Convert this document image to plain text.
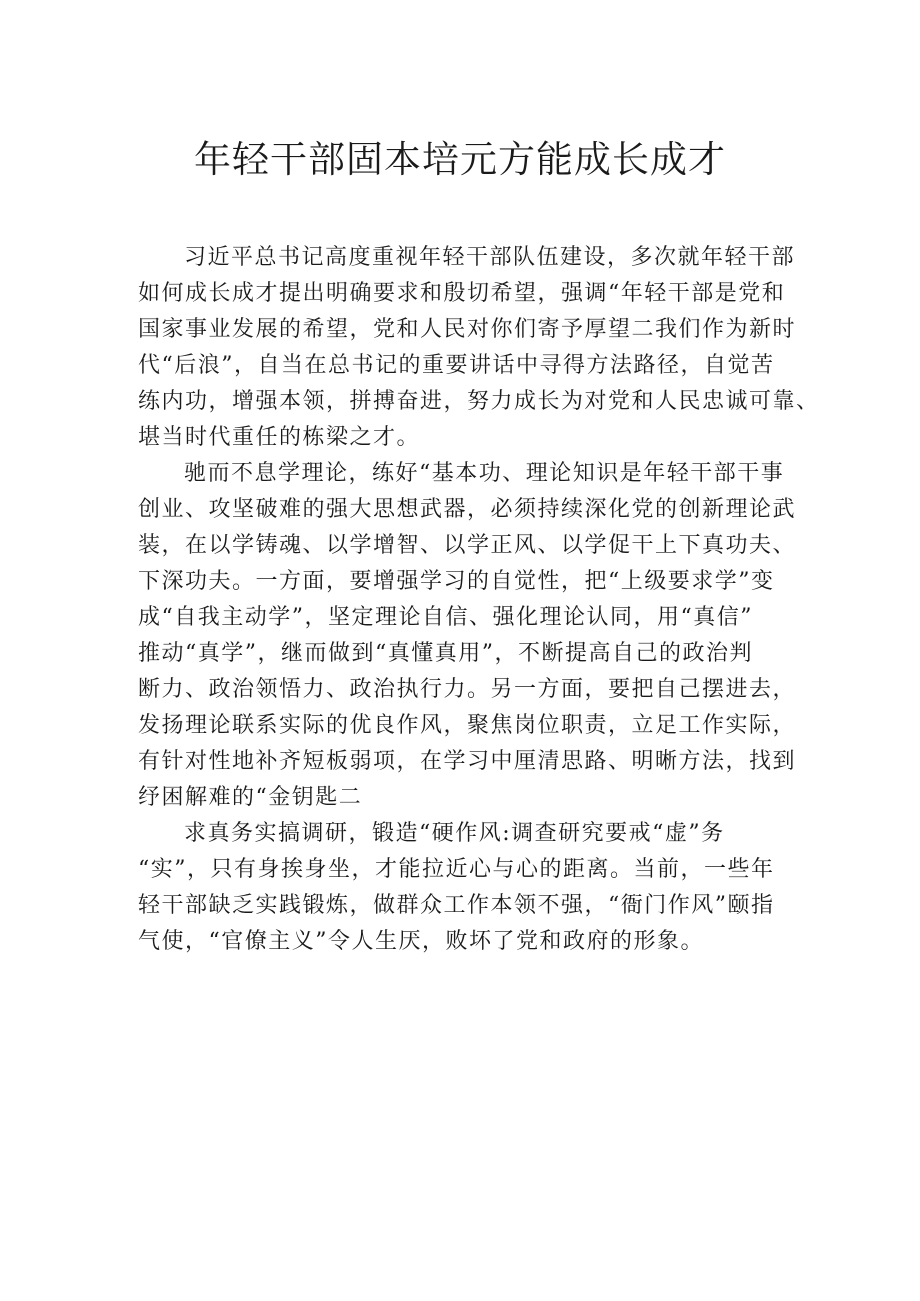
年轻干部固本培元方能成长成才

习近平总书记高度重视年轻干部队伍建设，多次就年轻干部
如何成长成才提出明确要求和殷切希望，强调“年轻干部是党和
国家事业发展的希望，党和人民对你们寄予厚望二我们作为新时
代“后浪”，自当在总书记的重要讲话中寻得方法路径，自觉苦
练内功，增强本领，拼搏奋进，努力成长为对党和人民忠诚可靠、
堪当时代重任的栋梁之才。

驰而不息学理论，练好“基本功、理论知识是年轻干部干事
创业、攻坚破难的强大思想武器，必须持续深化党的创新理论武
装，在以学铸魂、以学增智、以学正风、以学促干上下真功夫、
下深功夫。一方面，要增强学习的自觉性，把“上级要求学”变
成“自我主动学”，坚定理论自信、强化理论认同，用“真信”
推动“真学”，继而做到“真懂真用”，不断提高自己的政治判
断力、政治领悟力、政治执行力。另一方面，要把自己摆进去，
发扬理论联系实际的优良作风，聚焦岗位职责，立足工作实际，
有针对性地补齐短板弱项，在学习中厘清思路、明晰方法，找到
纾困解难的“金钥匙二

求真务实搞调研，锻造“硬作风:调查研究要戒“虚”务
“实”，只有身挨身坐，才能拉近心与心的距离。当前，一些年
轻干部缺乏实践锻炼，做群众工作本领不强，“衙门作风”颐指
气使，“官僚主义”令人生厌，败坏了党和政府的形象。
